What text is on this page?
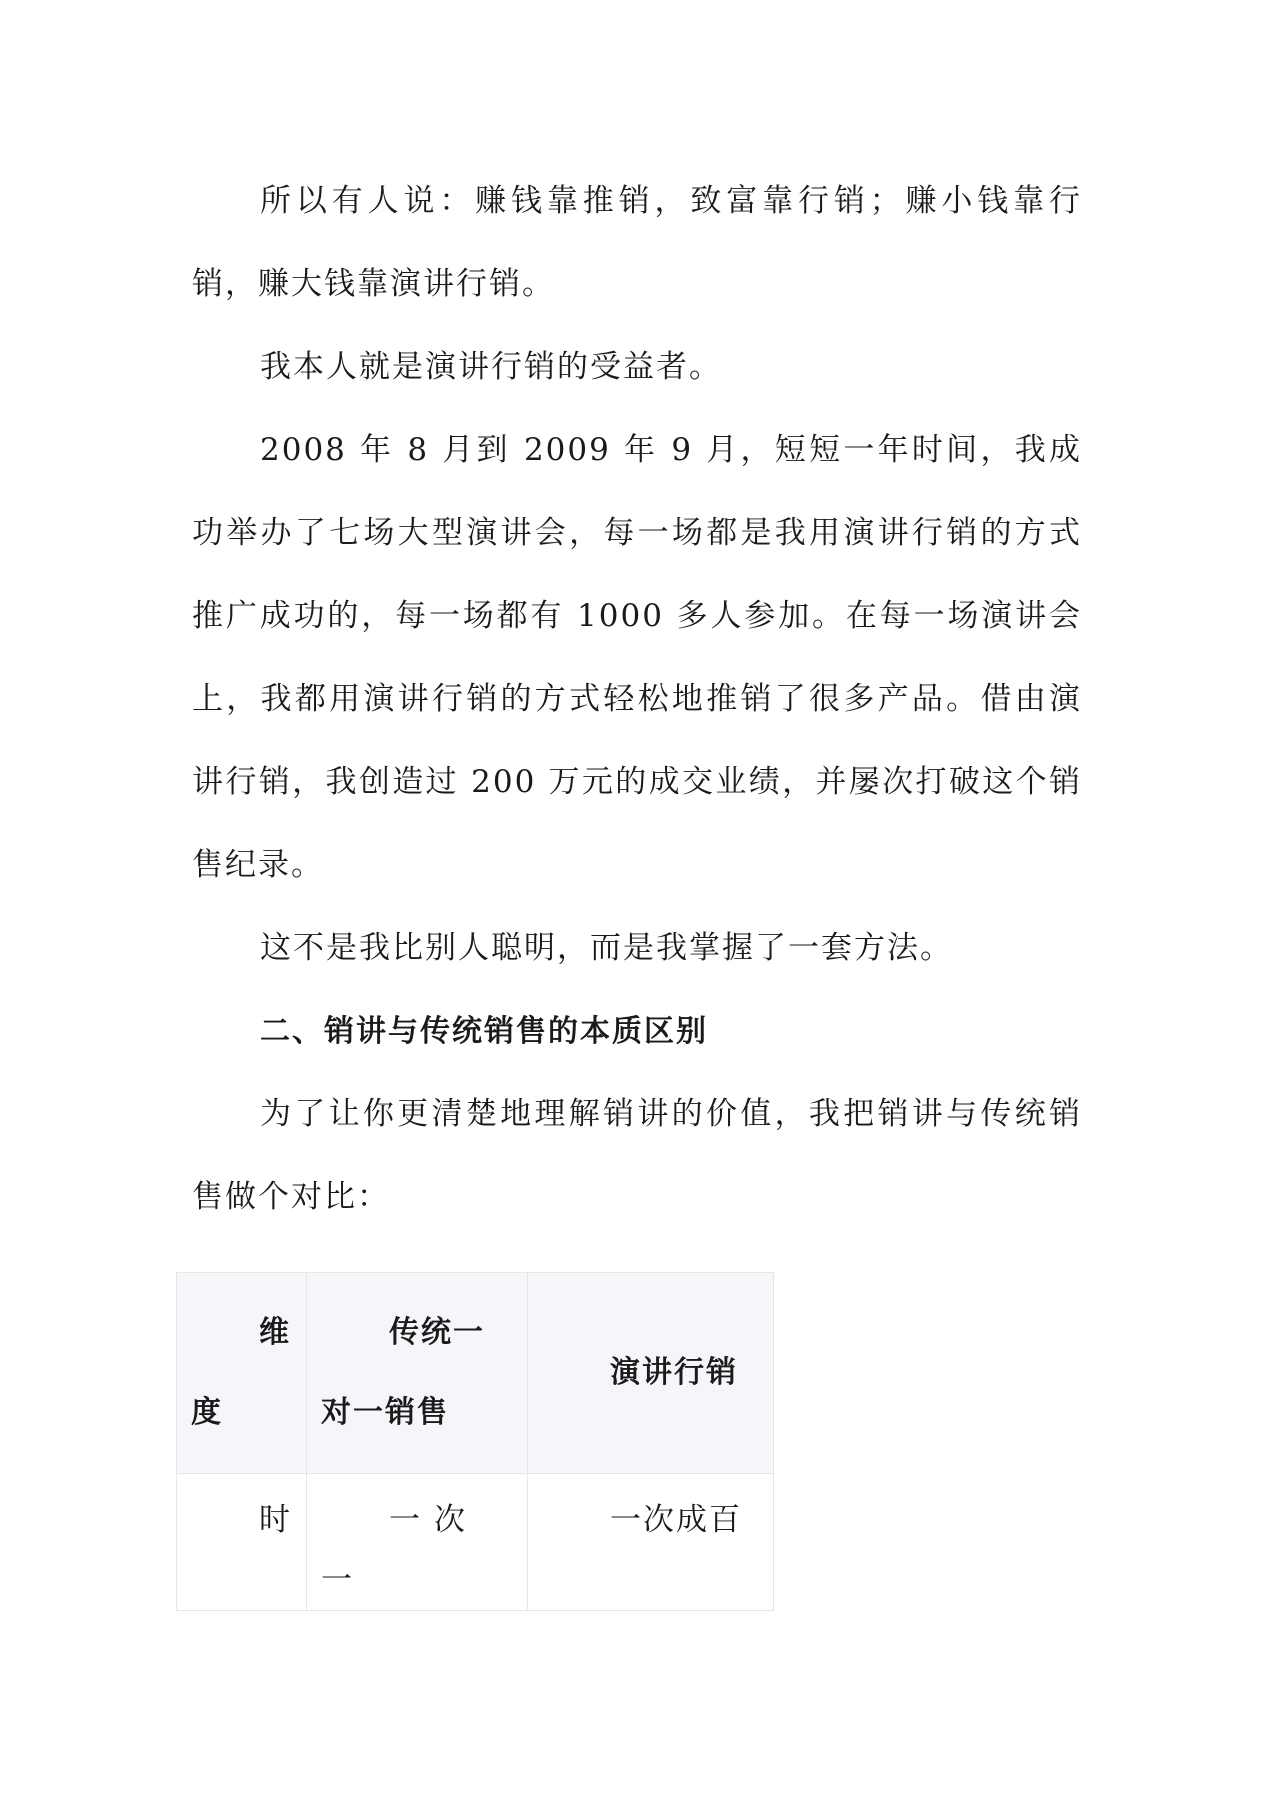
所以有人说：赚钱靠推销，致富靠行销；赚小钱靠行销，赚大钱靠演讲行销。

我本人就是演讲行销的受益者。

2008 年 8 月到 2009 年 9 月，短短一年时间，我成功举办了七场大型演讲会，每一场都是我用演讲行销的方式推广成功的，每一场都有 1000 多人参加。在每一场演讲会上，我都用演讲行销的方式轻松地推销了很多产品。借由演讲行销，我创造过 200 万元的成交业绩，并屡次打破这个销售纪录。

这不是我比别人聪明，而是我掌握了一套方法。

二、销讲与传统销售的本质区别

为了让你更清楚地理解销讲的价值，我把销讲与传统销售做个对比：

维度	传统一对一销售	演讲行销

时	一次一	一次成百
